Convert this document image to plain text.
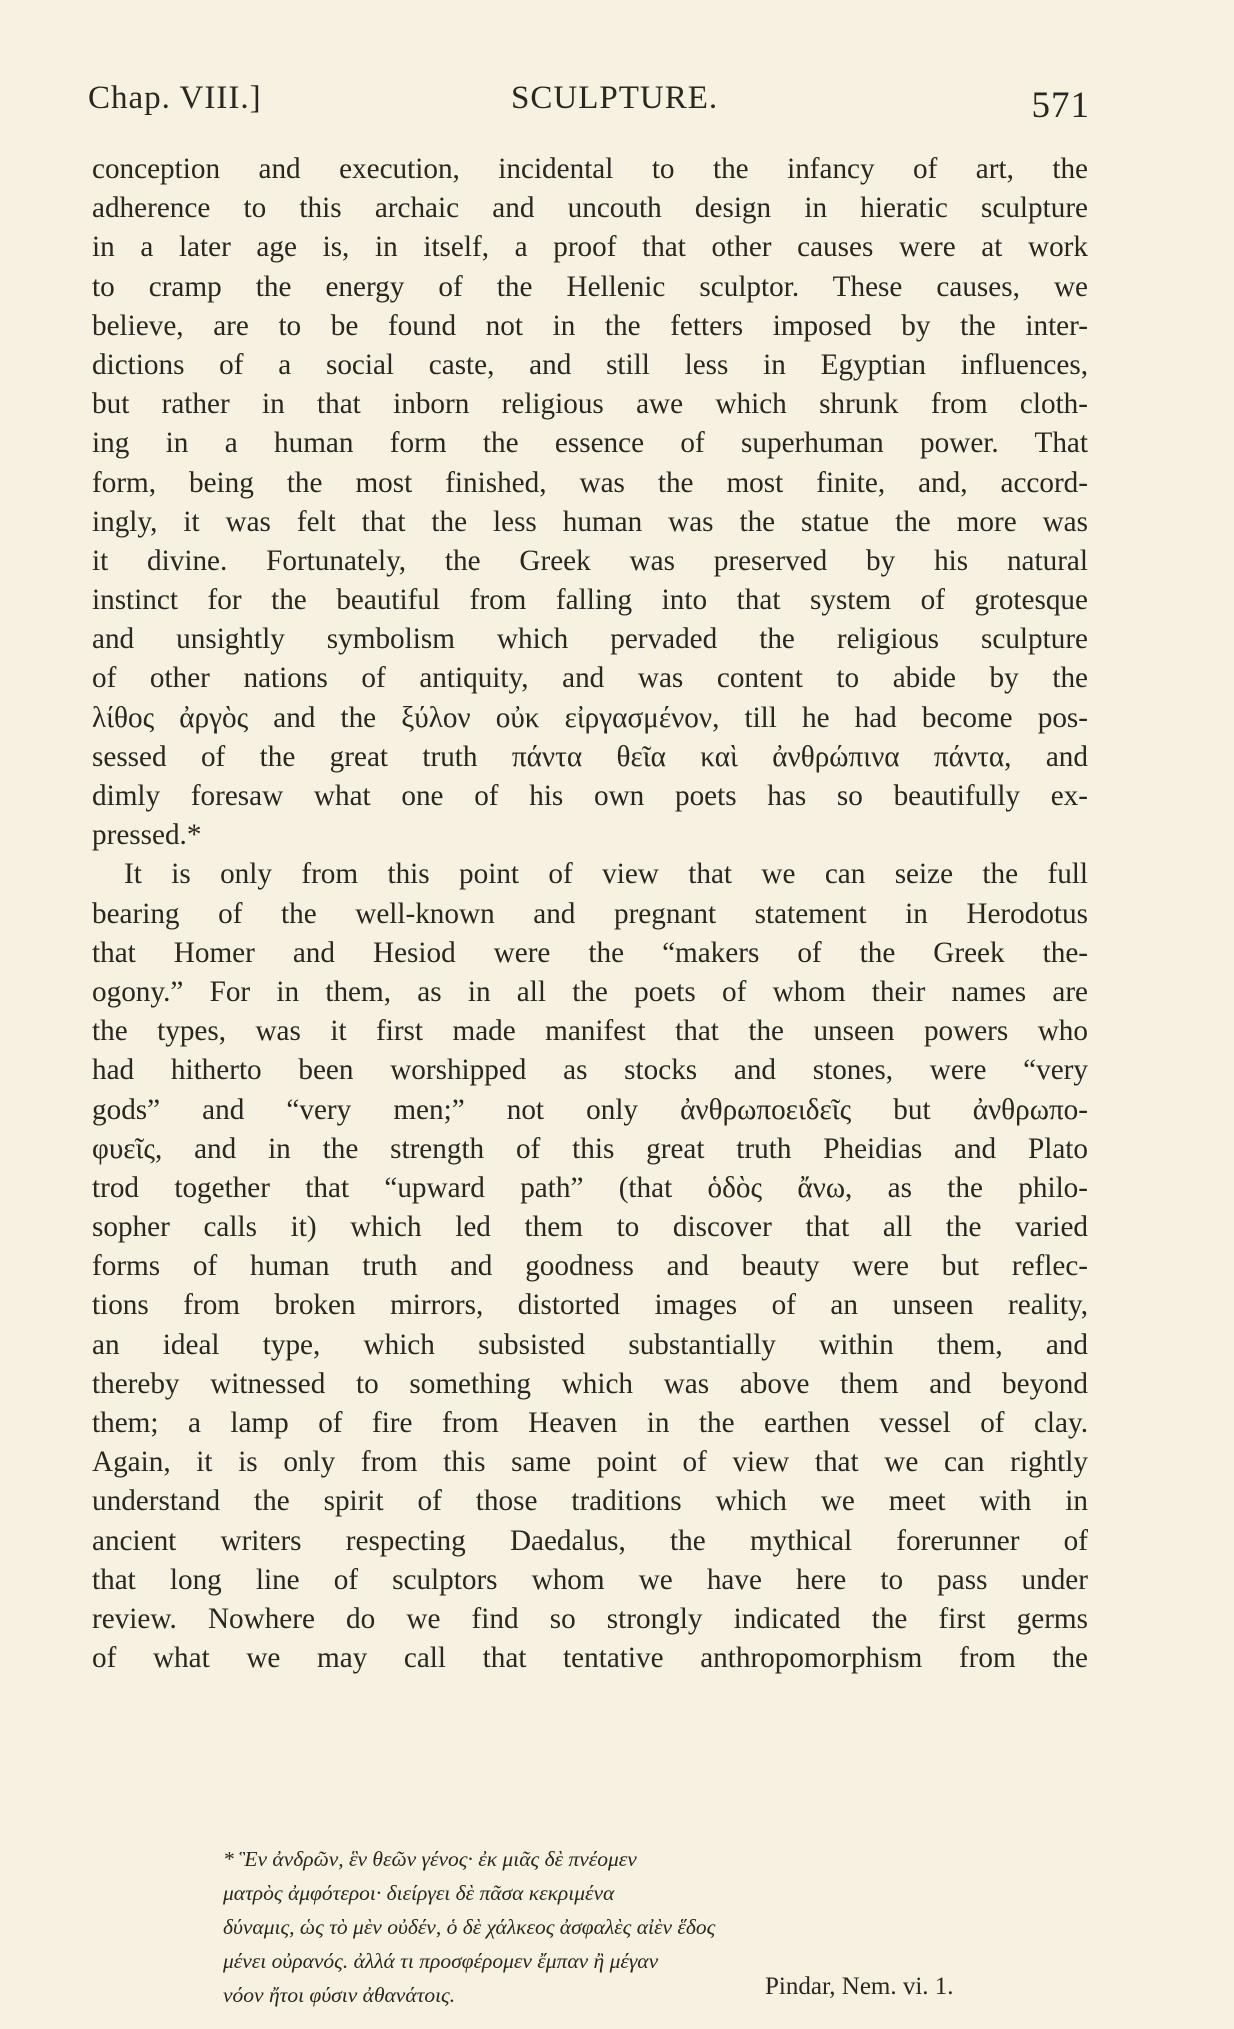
Chap. VIII.]	SCULPTURE.	571
conception and execution, incidental to the infancy of art, the
adherence to this archaic and uncouth design in hieratic sculpture
in a later age is, in itself, a proof that other causes were at work
to cramp the energy of the Hellenic sculptor. These causes, we
believe, are to be found not in the fetters imposed by the inter-
dictions of a social caste, and still less in Egyptian influences,
but rather in that inborn religious awe which shrunk from cloth-
ing in a human form the essence of superhuman power. That
form, being the most finished, was the most finite, and, accord-
ingly, it was felt that the less human was the statue the more was
it divine. Fortunately, the Greek was preserved by his natural
instinct for the beautiful from falling into that system of grotesque
and unsightly symbolism which pervaded the religious sculpture
of other nations of antiquity, and was content to abide by the
λίθος ἀργὸς and the ξύλον οὐκ εἰργασμένον, till he had become pos-
sessed of the great truth πάντα θεῖα καὶ ἀνθρώπινα πάντα, and
dimly foresaw what one of his own poets has so beautifully ex-
pressed.*
It is only from this point of view that we can seize the full
bearing of the well-known and pregnant statement in Herodotus
that Homer and Hesiod were the “makers of the Greek the-
ogony.” For in them, as in all the poets of whom their names are
the types, was it first made manifest that the unseen powers who
had hitherto been worshipped as stocks and stones, were “very
gods” and “very men;” not only ἀνθρωποειδεῖς but ἀνθρωπο-
φυεῖς, and in the strength of this great truth Pheidias and Plato
trod together that “upward path” (that ὁδὸς ἄνω, as the philo-
sopher calls it) which led them to discover that all the varied
forms of human truth and goodness and beauty were but reflec-
tions from broken mirrors, distorted images of an unseen reality,
an ideal type, which subsisted substantially within them, and
thereby witnessed to something which was above them and beyond
them; a lamp of fire from Heaven in the earthen vessel of clay.
Again, it is only from this same point of view that we can rightly
understand the spirit of those traditions which we meet with in
ancient writers respecting Daedalus, the mythical forerunner of
that long line of sculptors whom we have here to pass under
review. Nowhere do we find so strongly indicated the first germs
of what we may call that tentative anthropomorphism from the
* Ἓν ἀνδρῶν, ἓν θεῶν γένος· ἐκ μιᾶς δὲ πνέομεν
ματρὸς ἀμφότεροι· διείργει δὲ πᾶσα κεκριμένα
δύναμις, ὡς τὸ μὲν οὐδέν, ὁ δὲ χάλκεος ἀσφαλὲς αἰὲν ἕδος
μένει οὐρανός. ἀλλά τι προσφέρομεν ἔμπαν ἢ μέγαν
νόον ἤτοι φύσιν ἀθανάτοις.	Pindar, Nem. vi. 1.
